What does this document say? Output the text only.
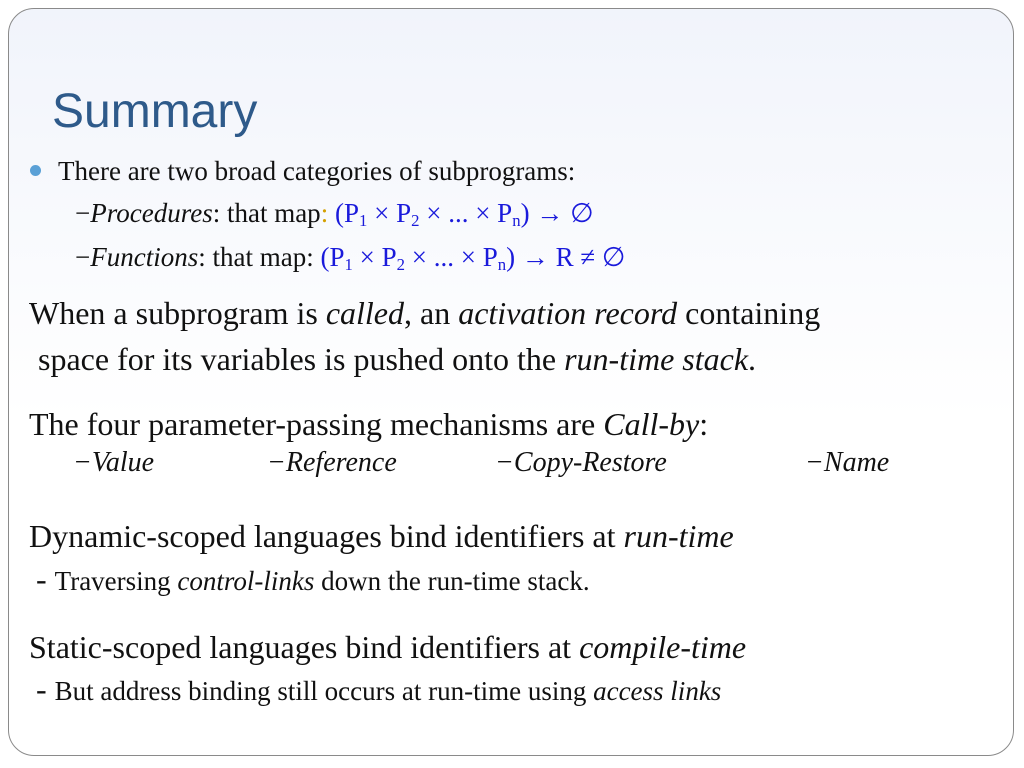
Summary
There are two broad categories of subprograms:
−Procedures: that map: ($P_1 \times P_2$ × ... × $P_n$) → ∅
−Functions: that map: ($P_1 \times P_2$ × ... × $P_n) \to R$ ≠ ∅
When a subprogram is called, an activation record containing
space for its variables is pushed onto the run-time stack.
The four parameter-passing mechanisms are Call-by:
−Value	−Reference	−Copy-Restore	−Name
Dynamic-scoped languages bind identifiers at run-time
- Traversing control-links down the run-time stack.
Static-scoped languages bind identifiers at compile-time
- But address binding still occurs at run-time using access links
